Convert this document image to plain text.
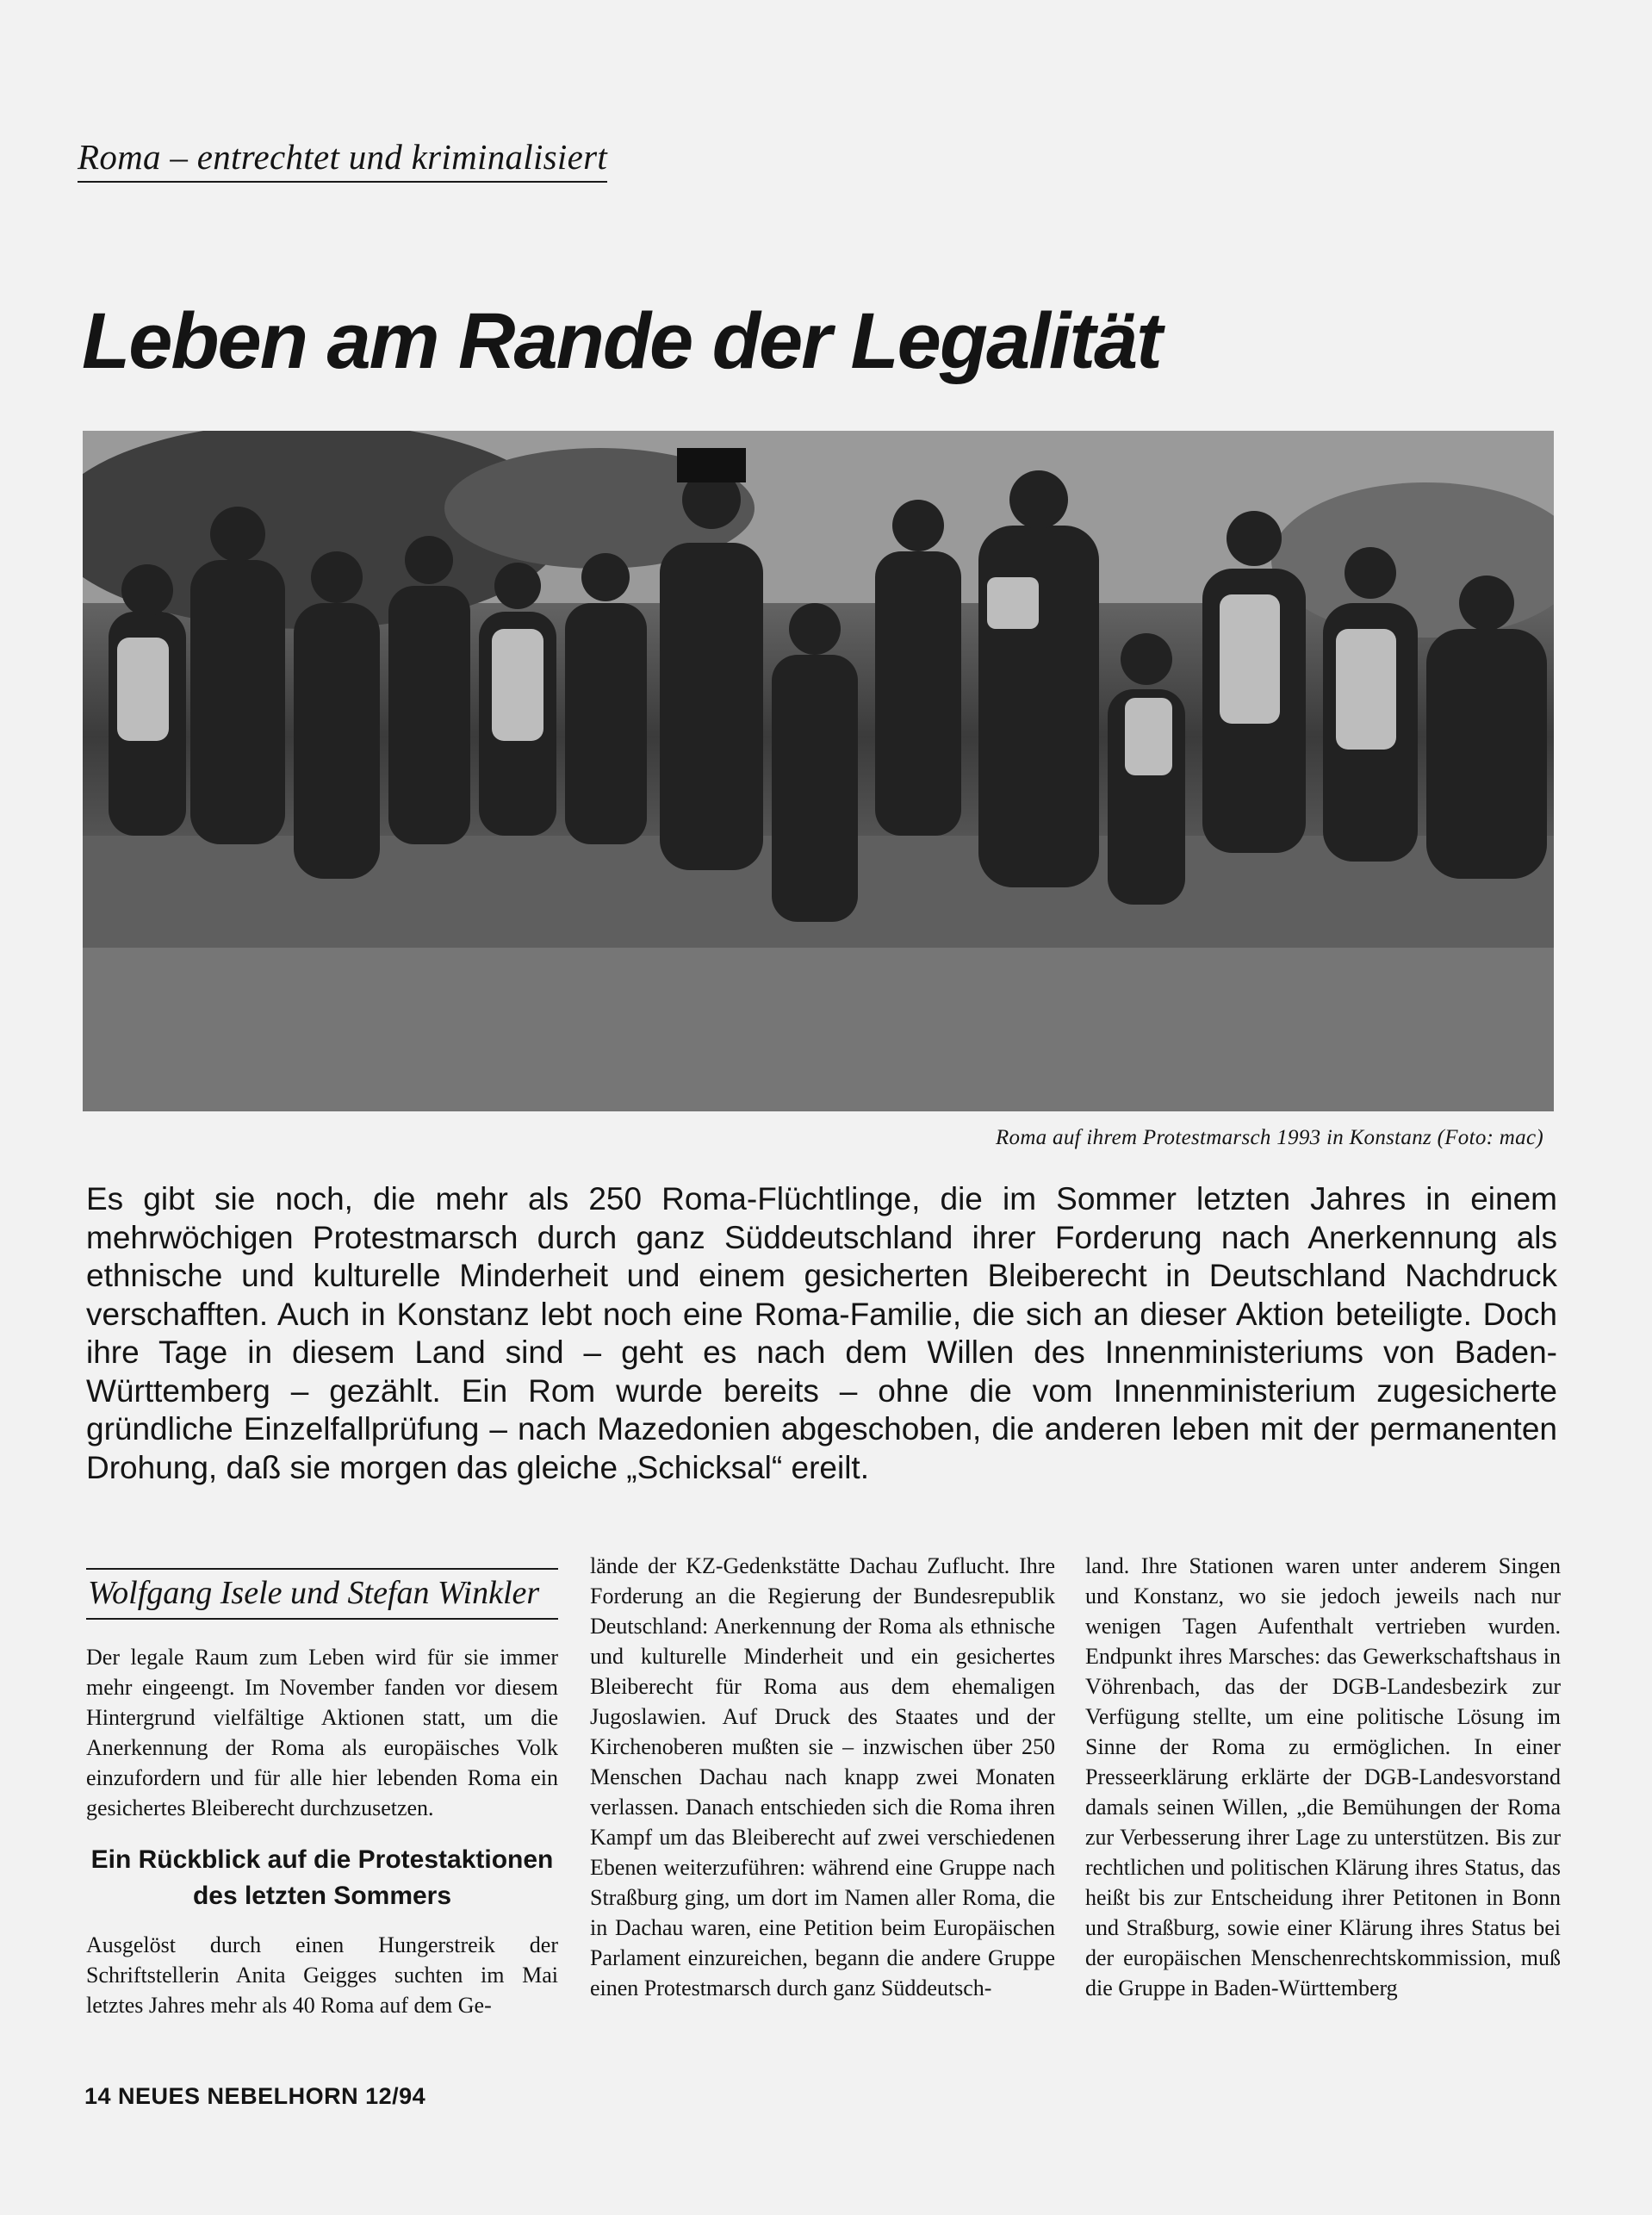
Roma – entrechtet und kriminalisiert
Leben am Rande der Legalität
Roma auf ihrem Protestmarsch 1993 in Konstanz (Foto: mac)

Es gibt sie noch, die mehr als 250 Roma-Flüchtlinge, die im Sommer letzten Jahres in einem mehrwöchigen Protestmarsch durch ganz Süddeutschland ihrer Forderung nach Anerkennung als ethnische und kulturelle Minderheit und einem gesicherten Bleiberecht in Deutschland Nachdruck verschafften. Auch in Konstanz lebt noch eine Roma-Familie, die sich an dieser Aktion beteiligte. Doch ihre Tage in diesem Land sind – geht es nach dem Willen des Innenministeriums von Baden-Württemberg – gezählt. Ein Rom wurde bereits – ohne die vom Innenministerium zugesicherte gründliche Einzelfallprüfung – nach Mazedonien abgeschoben, die anderen leben mit der permanenten Drohung, daß sie morgen das gleiche „Schicksal“ ereilt.

Wolfgang Isele und Stefan Winkler

Der legale Raum zum Leben wird für sie immer mehr eingeengt. Im November fanden vor diesem Hintergrund vielfältige Aktionen statt, um die Anerkennung der Roma als europäisches Volk einzufordern und für alle hier lebenden Roma ein gesichertes Bleiberecht durchzusetzen.

Ein Rückblick auf die Protestaktionen des letzten Sommers

Ausgelöst durch einen Hungerstreik der Schriftstellerin Anita Geigges suchten im Mai letztes Jahres mehr als 40 Roma auf dem Ge-

lände der KZ-Gedenkstätte Dachau Zuflucht. Ihre Forderung an die Regierung der Bundesrepublik Deutschland: Anerkennung der Roma als ethnische und kulturelle Minderheit und ein gesichertes Bleiberecht für Roma aus dem ehemaligen Jugoslawien. Auf Druck des Staates und der Kirchenoberen mußten sie – inzwischen über 250 Menschen Dachau nach knapp zwei Monaten verlassen. Danach entschieden sich die Roma ihren Kampf um das Bleiberecht auf zwei verschiedenen Ebenen weiterzuführen: während eine Gruppe nach Straßburg ging, um dort im Namen aller Roma, die in Dachau waren, eine Petition beim Europäischen Parlament einzureichen, begann die andere Gruppe einen Protestmarsch durch ganz Süddeutsch-

land. Ihre Stationen waren unter anderem Singen und Konstanz, wo sie jedoch jeweils nach nur wenigen Tagen Aufenthalt vertrieben wurden. Endpunkt ihres Marsches: das Gewerkschaftshaus in Vöhrenbach, das der DGB-Landesbezirk zur Verfügung stellte, um eine politische Lösung im Sinne der Roma zu ermöglichen. In einer Presseerklärung erklärte der DGB-Landesvorstand damals seinen Willen, „die Bemühungen der Roma zur Verbesserung ihrer Lage zu unterstützen. Bis zur rechtlichen und politischen Klärung ihres Status, das heißt bis zur Entscheidung ihrer Petitonen in Bonn und Straßburg, sowie einer Klärung ihres Status bei der europäischen Menschenrechtskommission, muß die Gruppe in Baden-Württemberg

14 NEUES NEBELHORN 12/94
